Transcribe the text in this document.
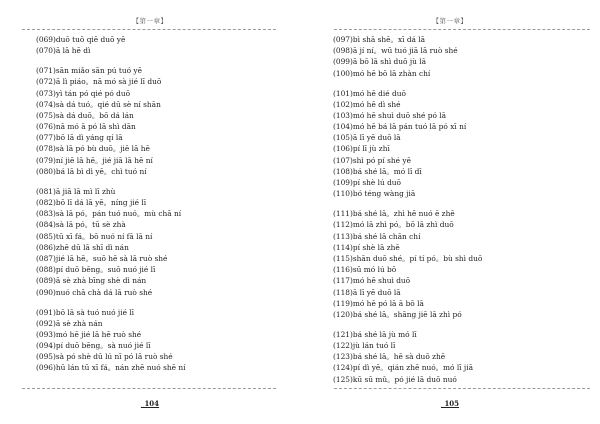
【第一章】
(069)duō tuō qiē duō yē
(070)ā lā hē dì
(071)sān miǎo sān pú tuó yē
(072)ā lì piáo。nā mó sà jié lī duō
(073)yì tán pó qié pó duō
(074)sà dá tuó。qié dū sè ní shān
(075)sà dá duō。bō dá lán
(076)nā mó ā pó lā shì dān
(077)bō lā dì yáng qí lā
(078)sà lā pó bù duō。jiē lā hē
(079)ní jiē lā hē。jié jiā lā hē ní
(080)bá lā bì dì yē。chì tuó ní
(081)ā jiā lā mì lī zhù
(082)bō lī dá lā yē。níng jié lī
(083)sà lā pó。pán tuó nuó。mù chā ní
(084)sà lā pó。tū sè zhà
(085)tū xī fá。bō nuó ní fā lā ní
(086)zhē dū lā shī dì nán
(087)jié lā hē。suō hē sà lā ruò shé
(088)pí duō bēng。suō nuó jié lī
(089)ā sè zhà bīng shè dì nán
(090)nuó chā chà dá lā ruò shé
(091)bō lā sà tuó nuó jié lī
(092)ā sè zhà nán
(093)mó hē jié lā hē ruò shé
(094)pí duō bēng。sà nuó jié lī
(095)sà pó shè dū lú nī pó lā ruò shé
(096)hū lán tū xī fá。nán zhē nuó shē ní
_104
【第一章】
(097)bì shā shē。xī dá lā
(098)ā jí ní。wū tuó jiā lā ruò shé
(099)ā bō lā shì duō jù lā
(100)mó hē bō lā zhàn chí
(101)mó hē dié duō
(102)mó hē dì shé
(103)mó hē shuì duō shé pó lā
(104)mó hē bá lā pán tuó lā pó xī ní
(105)ā lī yē duō lā
(106)pí lī jù zhī
(107)shì pó pí shé yē
(108)bá shé lā。mó lī dī
(109)pí shè lú duō
(110)bó téng wàng jiā
(111)bá shé lā。zhì hē nuó ē zhē
(112)mó lā zhì pó。bō lā zhì duō
(113)bá shé lā chān chí
(114)pí shè lā zhē
(115)shān duō shé。pí tí pó。bù shì duō
(116)sū mó lú bō
(117)mó hē shuì duō
(118)ā lī yē duō lā
(119)mó hē pó lā ā bō lā
(120)bá shé lā。shāng jiē lā zhì pó
(121)bá shé lā jù mó lī
(122)jù lán tuó lī
(123)bá shé lā。hē sà duō zhē
(124)pí dì yē。qián zhē nuó。mó lī jiā
(125)kū sū mǔ。pó jié lā duō nuó
_105
